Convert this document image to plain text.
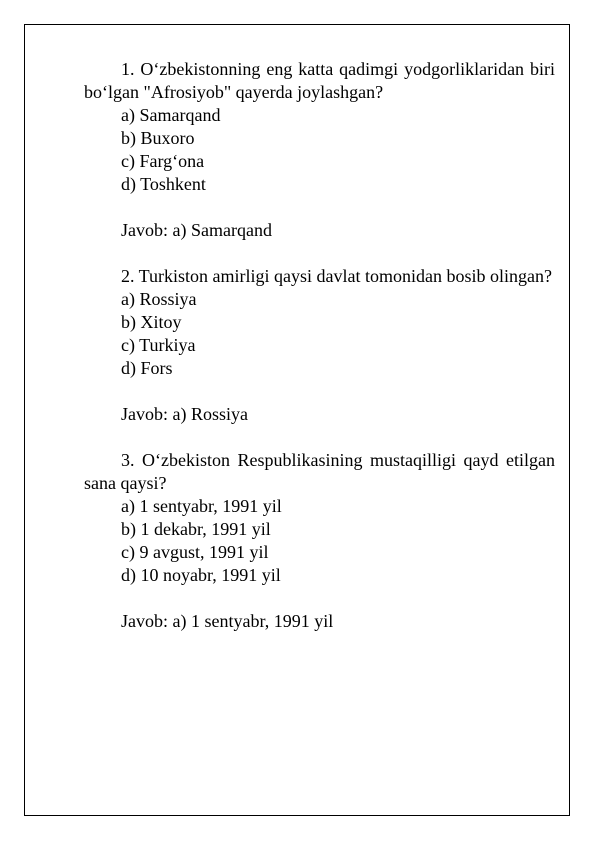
1. O‘zbekistonning eng katta qadimgi yodgorliklaridan biri bo‘lgan "Afrosiyob" qayerda joylashgan?

a) Samarqand
b) Buxoro
c) Farg‘ona
d) Toshkent

Javob: a) Samarqand

2. Turkiston amirligi qaysi davlat tomonidan bosib olingan?

a) Rossiya
b) Xitoy
c) Turkiya
d) Fors

Javob: a) Rossiya

3. O‘zbekiston Respublikasining mustaqilligi qayd etilgan sana qaysi?

a) 1 sentyabr, 1991 yil
b) 1 dekabr, 1991 yil
c) 9 avgust, 1991 yil
d) 10 noyabr, 1991 yil

Javob: a) 1 sentyabr, 1991 yil
